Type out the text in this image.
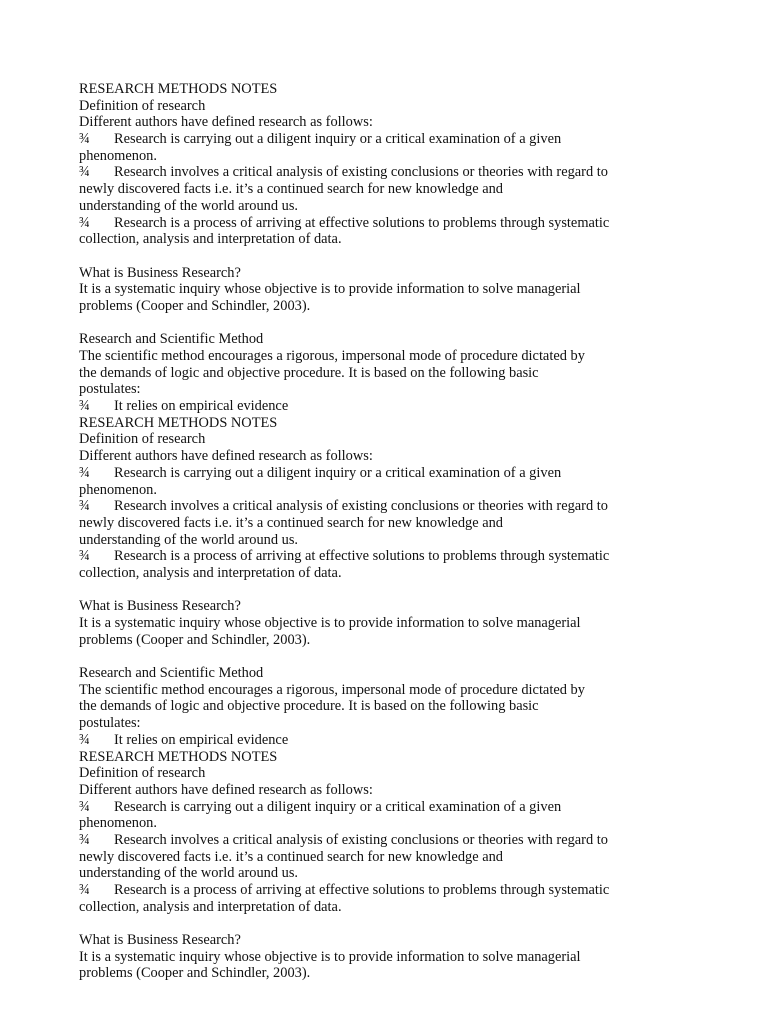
RESEARCH METHODS NOTES
Definition of research
Different authors have defined research as follows:
¾ Research is carrying out a diligent inquiry or a critical examination of a given
phenomenon.
¾ Research involves a critical analysis of existing conclusions or theories with regard to
newly discovered facts i.e. it’s a continued search for new knowledge and
understanding of the world around us.
¾ Research is a process of arriving at effective solutions to problems through systematic
collection, analysis and interpretation of data.
What is Business Research?
It is a systematic inquiry whose objective is to provide information to solve managerial
problems (Cooper and Schindler, 2003).
Research and Scientific Method
The scientific method encourages a rigorous, impersonal mode of procedure dictated by
the demands of logic and objective procedure. It is based on the following basic
postulates:
¾ It relies on empirical evidence
RESEARCH METHODS NOTES
Definition of research
Different authors have defined research as follows:
¾ Research is carrying out a diligent inquiry or a critical examination of a given
phenomenon.
¾ Research involves a critical analysis of existing conclusions or theories with regard to
newly discovered facts i.e. it’s a continued search for new knowledge and
understanding of the world around us.
¾ Research is a process of arriving at effective solutions to problems through systematic
collection, analysis and interpretation of data.
What is Business Research?
It is a systematic inquiry whose objective is to provide information to solve managerial
problems (Cooper and Schindler, 2003).
Research and Scientific Method
The scientific method encourages a rigorous, impersonal mode of procedure dictated by
the demands of logic and objective procedure. It is based on the following basic
postulates:
¾ It relies on empirical evidence
RESEARCH METHODS NOTES
Definition of research
Different authors have defined research as follows:
¾ Research is carrying out a diligent inquiry or a critical examination of a given
phenomenon.
¾ Research involves a critical analysis of existing conclusions or theories with regard to
newly discovered facts i.e. it’s a continued search for new knowledge and
understanding of the world around us.
¾ Research is a process of arriving at effective solutions to problems through systematic
collection, analysis and interpretation of data.
What is Business Research?
It is a systematic inquiry whose objective is to provide information to solve managerial
problems (Cooper and Schindler, 2003).
